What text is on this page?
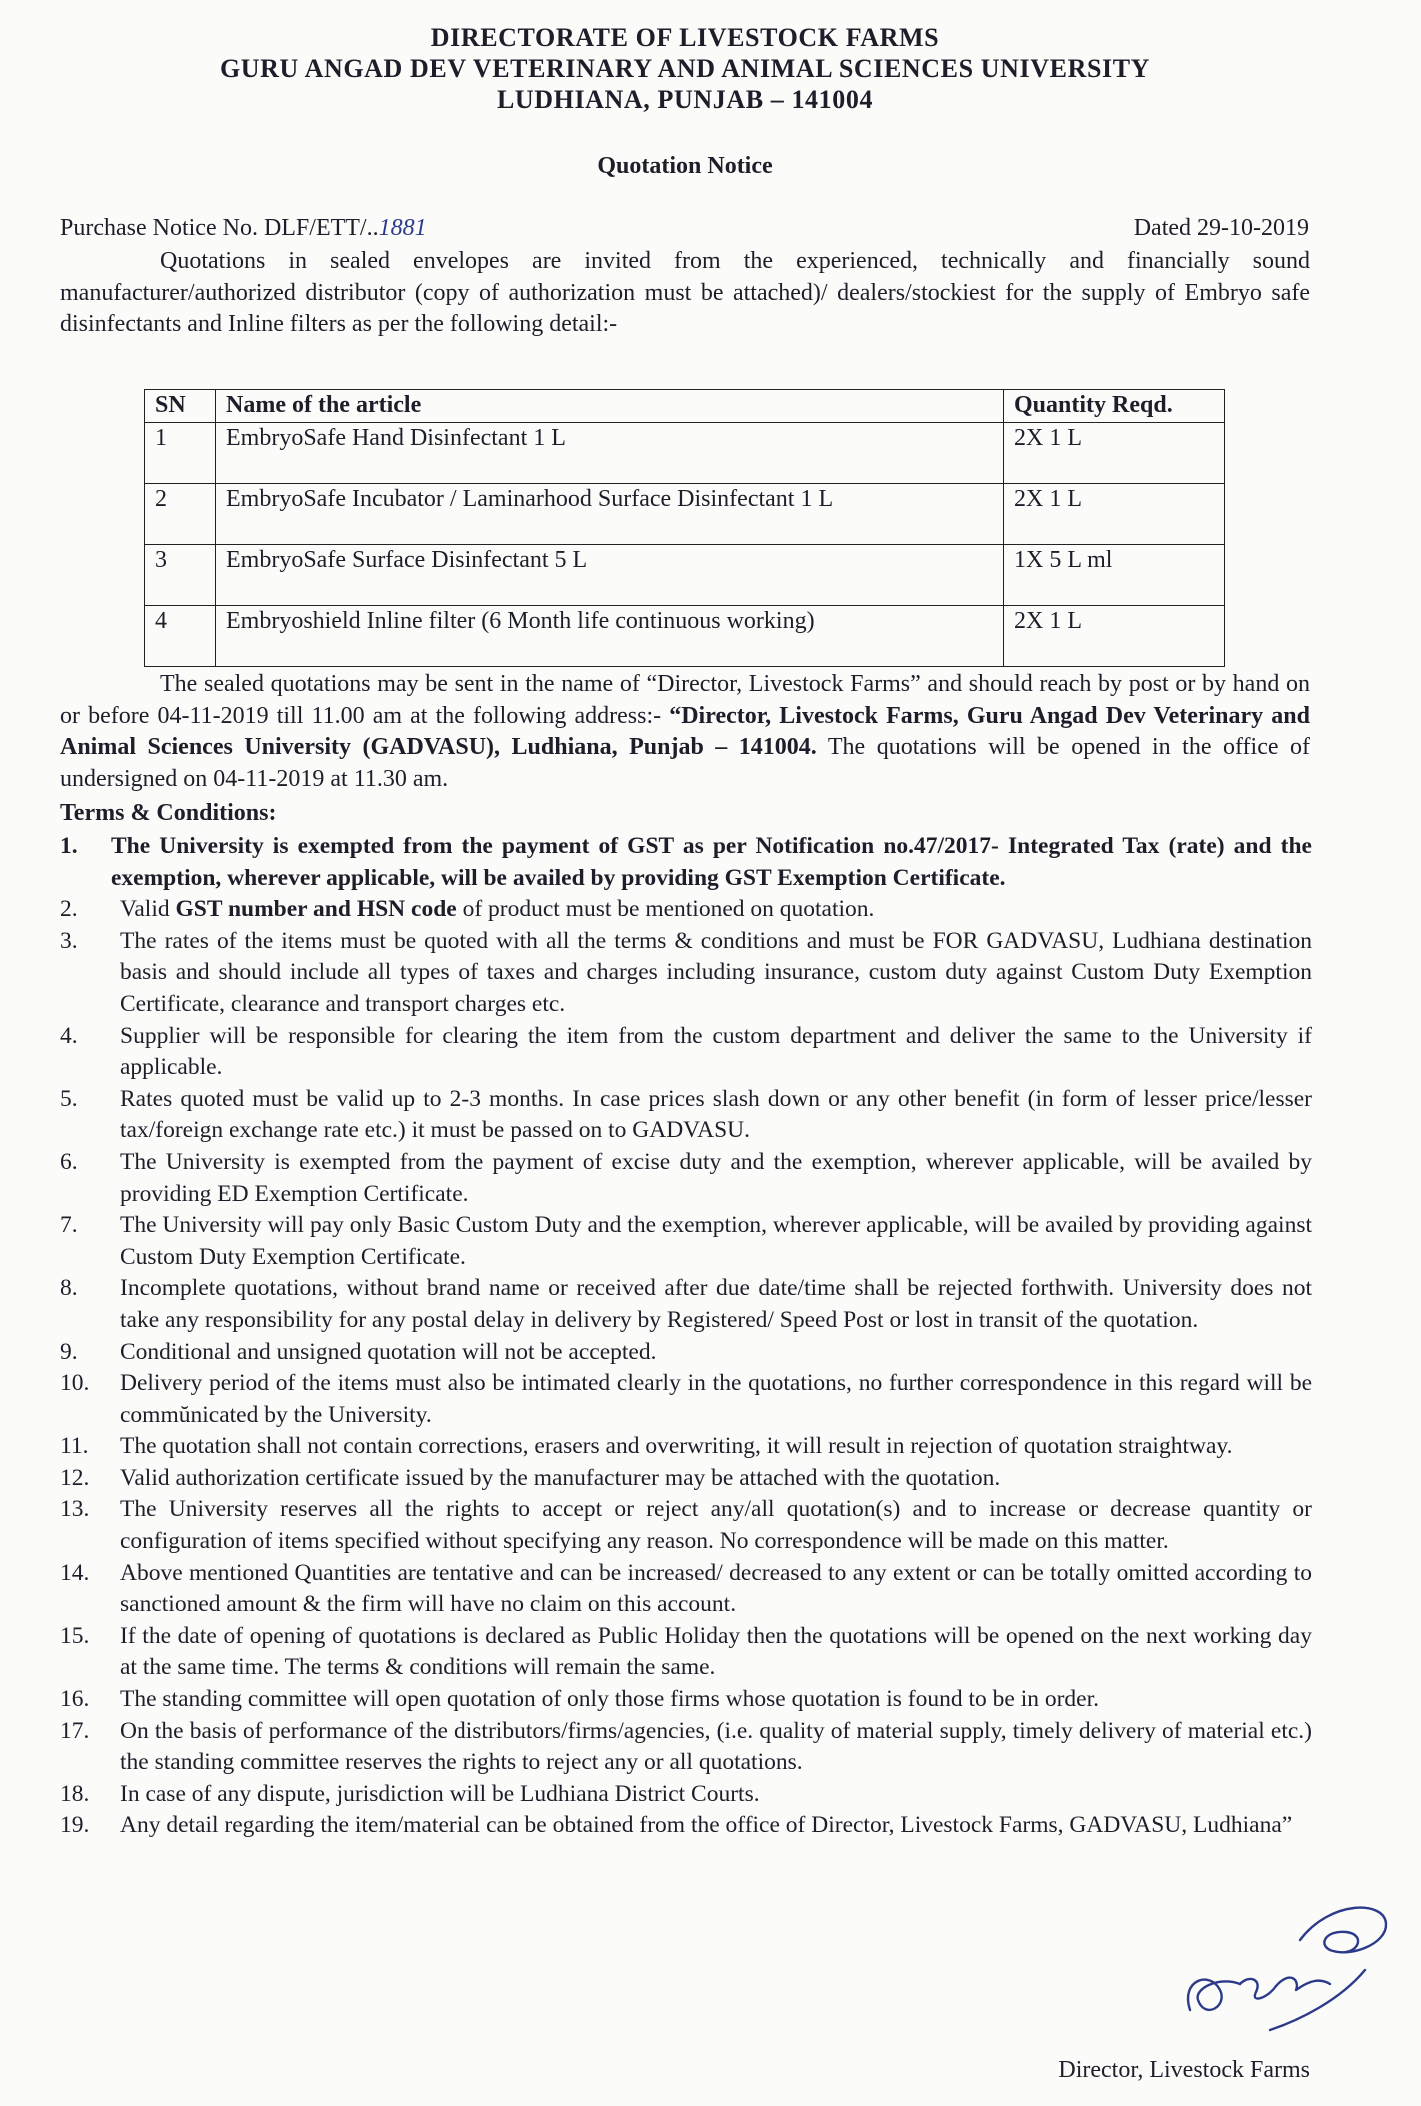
DIRECTORATE OF LIVESTOCK FARMS
GURU ANGAD DEV VETERINARY AND ANIMAL SCIENCES UNIVERSITY
LUDHIANA, PUNJAB – 141004
Quotation Notice
Purchase Notice No. DLF/ETT/..1881	Dated 29-10-2019
Quotations in sealed envelopes are invited from the experienced, technically and financially sound manufacturer/authorized distributor (copy of authorization must be attached)/ dealers/stockiest for the supply of Embryo safe disinfectants and Inline filters as per the following detail:-
SN	Name of the article	Quantity Reqd.
1	EmbryoSafe Hand Disinfectant 1 L	2X 1 L
2	EmbryoSafe Incubator / Laminarhood Surface Disinfectant 1 L	2X 1 L
3	EmbryoSafe Surface Disinfectant 5 L	1X 5 L ml
4	Embryoshield Inline filter (6 Month life continuous working)	2X 1 L
The sealed quotations may be sent in the name of “Director, Livestock Farms” and should reach by post or by hand on or before 04-11-2019 till 11.00 am at the following address:- “Director, Livestock Farms, Guru Angad Dev Veterinary and Animal Sciences University (GADVASU), Ludhiana, Punjab – 141004. The quotations will be opened in the office of undersigned on 04-11-2019 at 11.30 am.
Terms & Conditions:
1. The University is exempted from the payment of GST as per Notification no.47/2017- Integrated Tax (rate) and the exemption, wherever applicable, will be availed by providing GST Exemption Certificate.
2. Valid GST number and HSN code of product must be mentioned on quotation.
3. The rates of the items must be quoted with all the terms & conditions and must be FOR GADVASU, Ludhiana destination basis and should include all types of taxes and charges including insurance, custom duty against Custom Duty Exemption Certificate, clearance and transport charges etc.
4. Supplier will be responsible for clearing the item from the custom department and deliver the same to the University if applicable.
5. Rates quoted must be valid up to 2-3 months. In case prices slash down or any other benefit (in form of lesser price/lesser tax/foreign exchange rate etc.) it must be passed on to GADVASU.
6. The University is exempted from the payment of excise duty and the exemption, wherever applicable, will be availed by providing ED Exemption Certificate.
7. The University will pay only Basic Custom Duty and the exemption, wherever applicable, will be availed by providing against Custom Duty Exemption Certificate.
8. Incomplete quotations, without brand name or received after due date/time shall be rejected forthwith. University does not take any responsibility for any postal delay in delivery by Registered/ Speed Post or lost in transit of the quotation.
9. Conditional and unsigned quotation will not be accepted.
10. Delivery period of the items must also be intimated clearly in the quotations, no further correspondence in this regard will be commŭnicated by the University.
11. The quotation shall not contain corrections, erasers and overwriting, it will result in rejection of quotation straightway.
12. Valid authorization certificate issued by the manufacturer may be attached with the quotation.
13. The University reserves all the rights to accept or reject any/all quotation(s) and to increase or decrease quantity or configuration of items specified without specifying any reason. No correspondence will be made on this matter.
14. Above mentioned Quantities are tentative and can be increased/ decreased to any extent or can be totally omitted according to sanctioned amount & the firm will have no claim on this account.
15. If the date of opening of quotations is declared as Public Holiday then the quotations will be opened on the next working day at the same time. The terms & conditions will remain the same.
16. The standing committee will open quotation of only those firms whose quotation is found to be in order.
17. On the basis of performance of the distributors/firms/agencies, (i.e. quality of material supply, timely delivery of material etc.) the standing committee reserves the rights to reject any or all quotations.
18. In case of any dispute, jurisdiction will be Ludhiana District Courts.
19. Any detail regarding the item/material can be obtained from the office of Director, Livestock Farms, GADVASU, Ludhiana”
Director, Livestock Farms
